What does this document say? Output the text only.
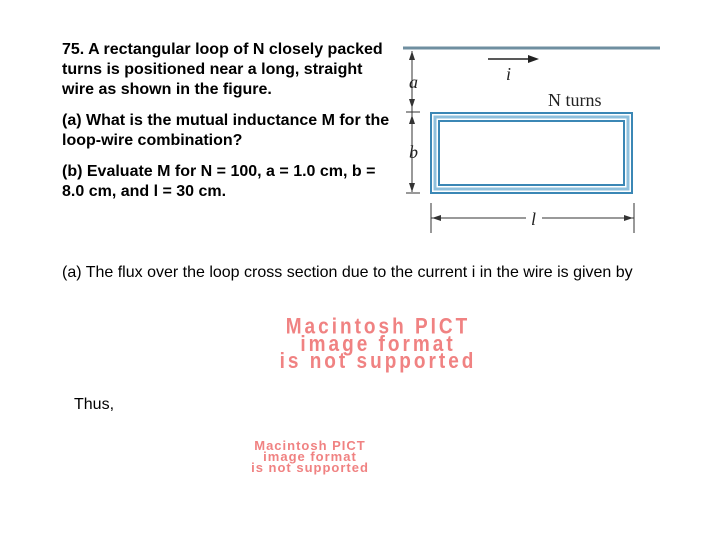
75. A rectangular loop of N closely packed turns is positioned near a long, straight wire as shown in the figure.

(a) What is the mutual inductance M for the loop-wire combination?

(b) Evaluate M for N = 100, a = 1.0 cm, b = 8.0 cm, and l = 30 cm.

i
N turns
a
b
l
(a) The flux over the loop cross section due to the current i in the wire is given by
Macintosh PICT
image format
is not supported
Thus,
Macintosh PICT
image format
is not supported
